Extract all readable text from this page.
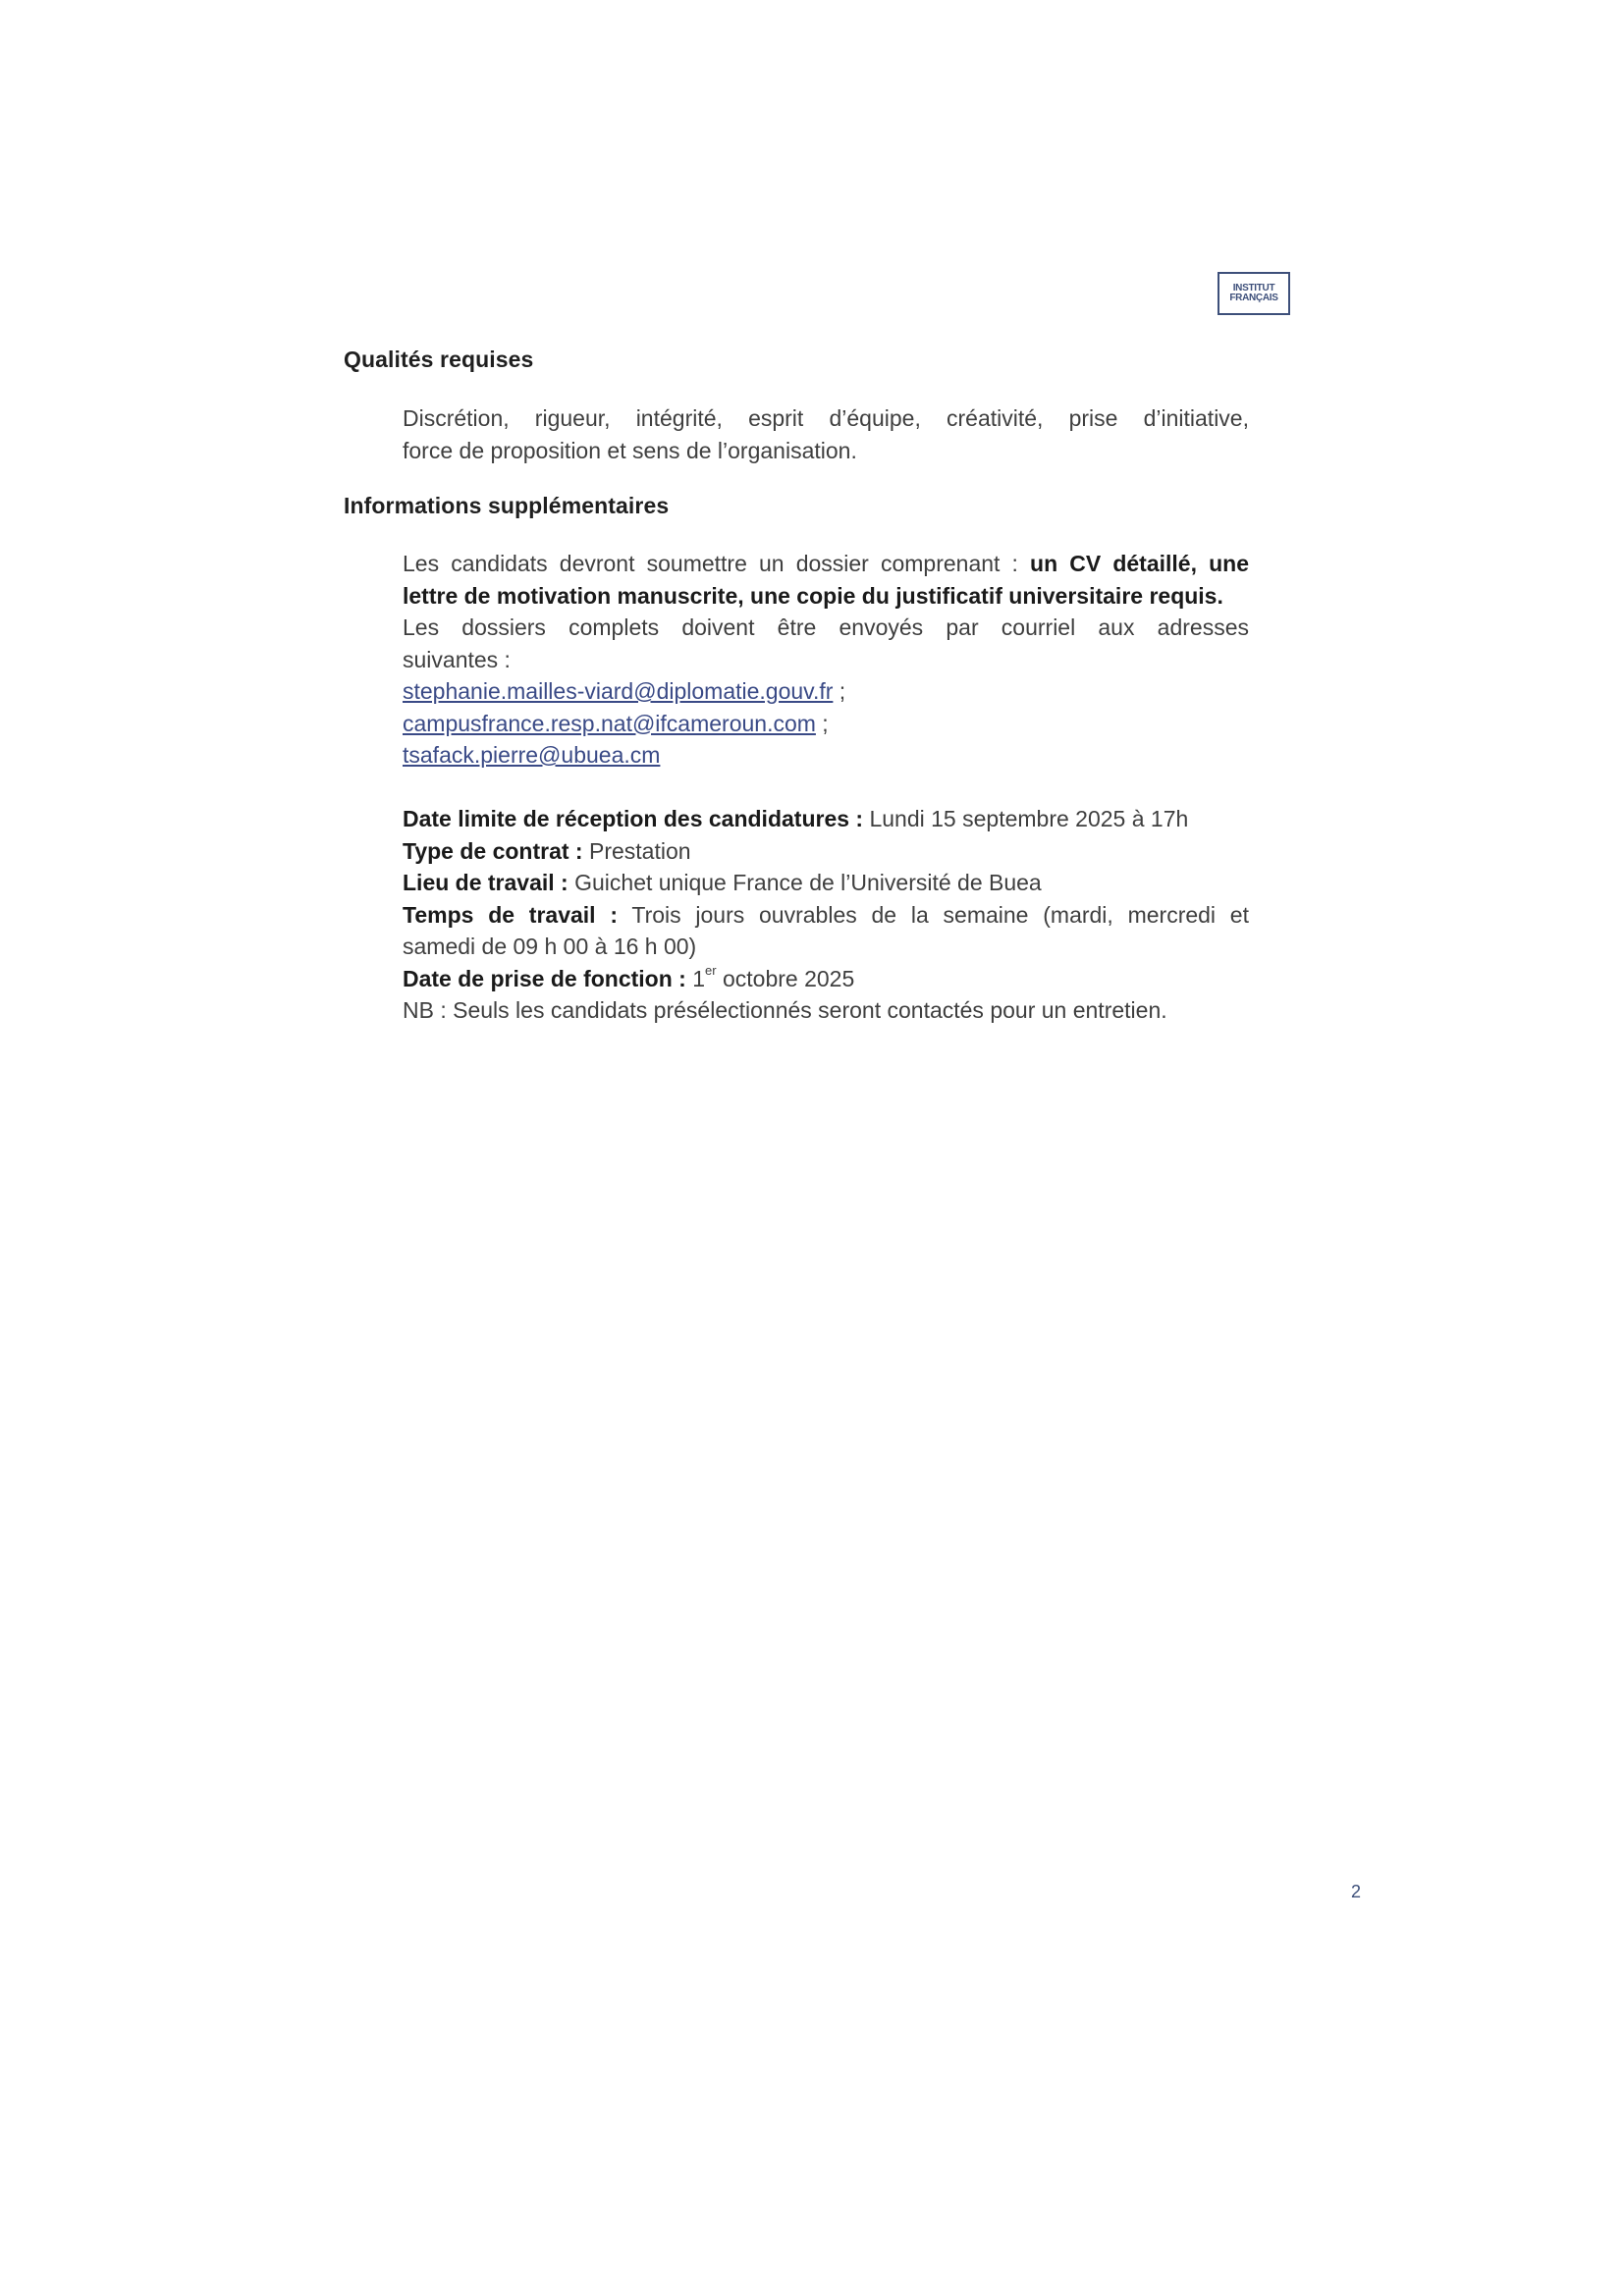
INSTITUT
FRANÇAIS
Qualités requises
Discrétion, rigueur, intégrité, esprit d’équipe, créativité, prise d’initiative,
force de proposition et sens de l’organisation.
Informations supplémentaires
Les candidats devront soumettre un dossier comprenant : un CV détaillé, une
lettre de motivation manuscrite, une copie du justificatif universitaire requis.
Les dossiers complets doivent être envoyés par courriel aux adresses
suivantes :
stephanie.mailles-viard@diplomatie.gouv.fr ;
campusfrance.resp.nat@ifcameroun.com ;
tsafack.pierre@ubuea.cm
Date limite de réception des candidatures : Lundi 15 septembre 2025 à 17h
Type de contrat : Prestation
Lieu de travail : Guichet unique France de l’Université de Buea
Temps de travail : Trois jours ouvrables de la semaine (mardi, mercredi et
samedi de 09 h 00 à 16 h 00)
Date de prise de fonction : 1er octobre 2025
NB : Seuls les candidats présélectionnés seront contactés pour un entretien.
2
